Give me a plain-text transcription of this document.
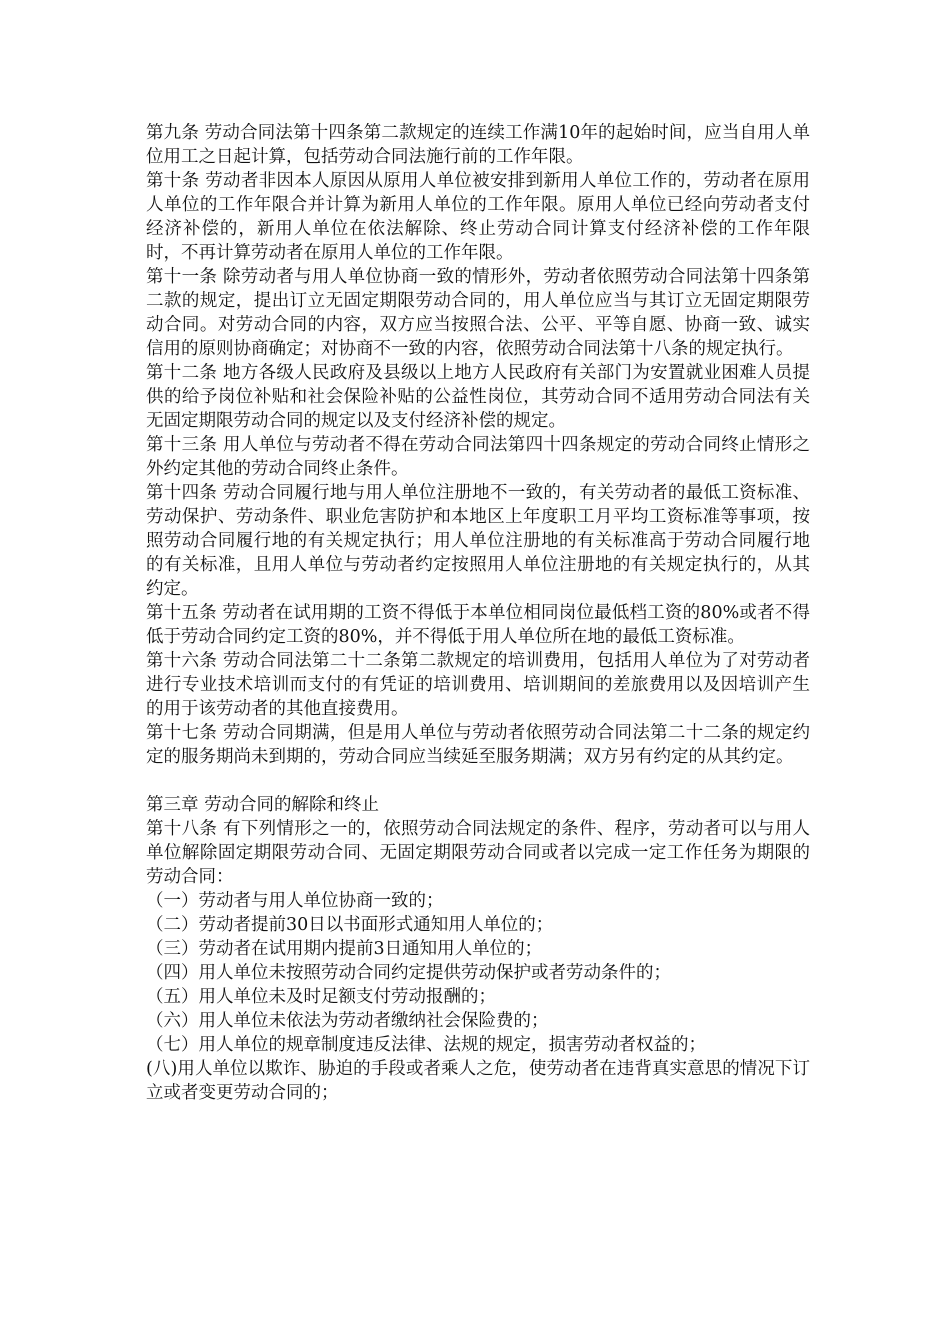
第九条 劳动合同法第十四条第二款规定的连续工作满10年的起始时间，应当自用人单位用工之日起计算，包括劳动合同法施行前的工作年限。

第十条 劳动者非因本人原因从原用人单位被安排到新用人单位工作的，劳动者在原用人单位的工作年限合并计算为新用人单位的工作年限。原用人单位已经向劳动者支付经济补偿的，新用人单位在依法解除、终止劳动合同计算支付经济补偿的工作年限时，不再计算劳动者在原用人单位的工作年限。

第十一条 除劳动者与用人单位协商一致的情形外，劳动者依照劳动合同法第十四条第二款的规定，提出订立无固定期限劳动合同的，用人单位应当与其订立无固定期限劳动合同。对劳动合同的内容，双方应当按照合法、公平、平等自愿、协商一致、诚实信用的原则协商确定；对协商不一致的内容，依照劳动合同法第十八条的规定执行。

第十二条 地方各级人民政府及县级以上地方人民政府有关部门为安置就业困难人员提供的给予岗位补贴和社会保险补贴的公益性岗位，其劳动合同不适用劳动合同法有关无固定期限劳动合同的规定以及支付经济补偿的规定。

第十三条 用人单位与劳动者不得在劳动合同法第四十四条规定的劳动合同终止情形之外约定其他的劳动合同终止条件。

第十四条 劳动合同履行地与用人单位注册地不一致的，有关劳动者的最低工资标准、劳动保护、劳动条件、职业危害防护和本地区上年度职工月平均工资标准等事项，按照劳动合同履行地的有关规定执行；用人单位注册地的有关标准高于劳动合同履行地的有关标准，且用人单位与劳动者约定按照用人单位注册地的有关规定执行的，从其约定。

第十五条 劳动者在试用期的工资不得低于本单位相同岗位最低档工资的80%或者不得低于劳动合同约定工资的80%，并不得低于用人单位所在地的最低工资标准。

第十六条 劳动合同法第二十二条第二款规定的培训费用，包括用人单位为了对劳动者进行专业技术培训而支付的有凭证的培训费用、培训期间的差旅费用以及因培训产生的用于该劳动者的其他直接费用。

第十七条 劳动合同期满，但是用人单位与劳动者依照劳动合同法第二十二条的规定约定的服务期尚未到期的，劳动合同应当续延至服务期满；双方另有约定的从其约定。

第三章 劳动合同的解除和终止

第十八条 有下列情形之一的，依照劳动合同法规定的条件、程序，劳动者可以与用人单位解除固定期限劳动合同、无固定期限劳动合同或者以完成一定工作任务为期限的劳动合同：

（一）劳动者与用人单位协商一致的；

（二）劳动者提前30日以书面形式通知用人单位的；

（三）劳动者在试用期内提前3日通知用人单位的；

（四）用人单位未按照劳动合同约定提供劳动保护或者劳动条件的；

（五）用人单位未及时足额支付劳动报酬的；

（六）用人单位未依法为劳动者缴纳社会保险费的；

（七）用人单位的规章制度违反法律、法规的规定，损害劳动者权益的；

(八)用人单位以欺诈、胁迫的手段或者乘人之危，使劳动者在违背真实意思的情况下订立或者变更劳动合同的；
